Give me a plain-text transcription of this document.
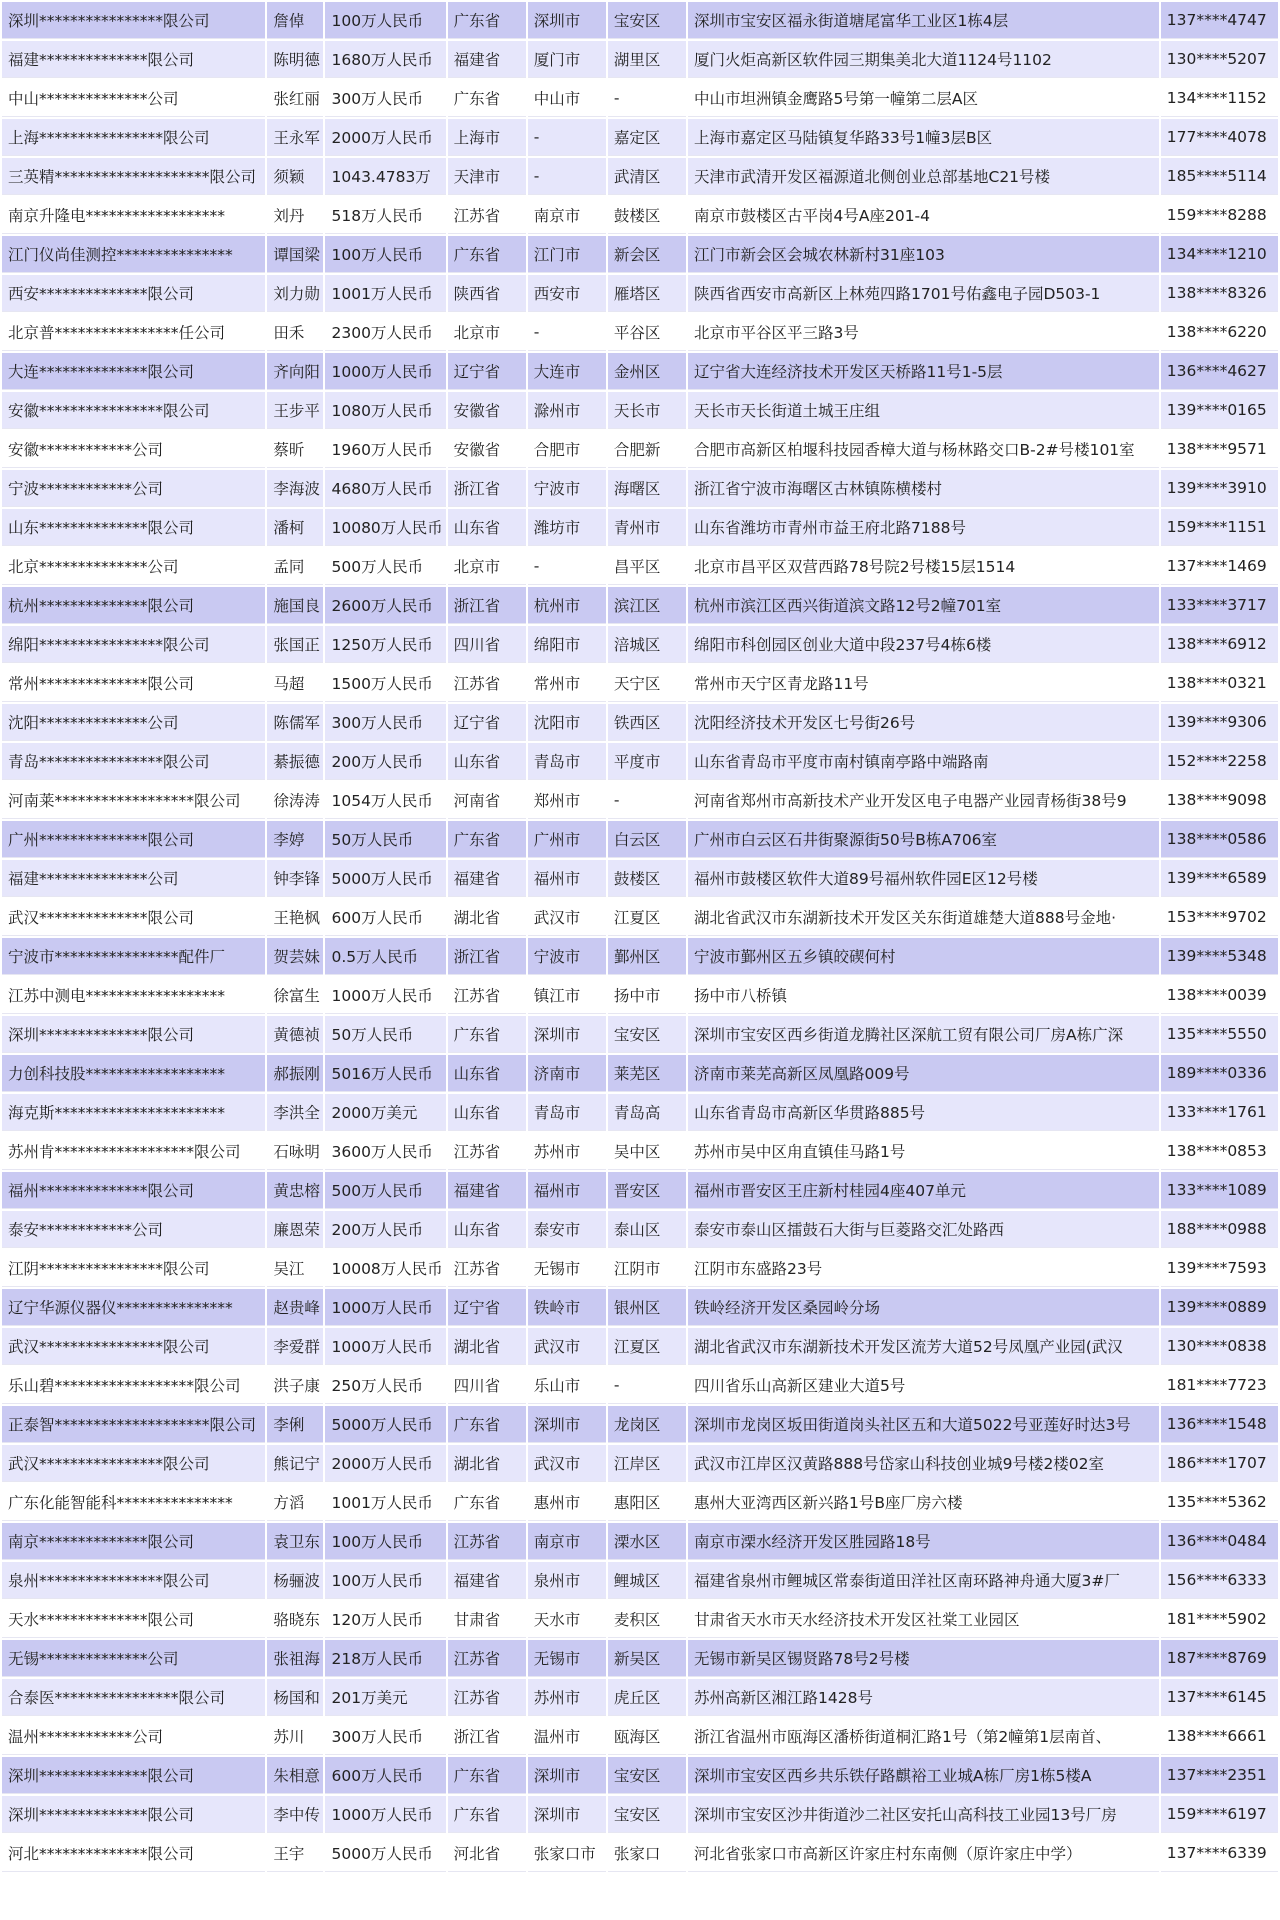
深圳****************限公司	詹倬	100万人民币	广东省	深圳市	宝安区	深圳市宝安区福永街道塘尾富华工业区1栋4层	137****4747
福建**************限公司	陈明德	1680万人民币	福建省	厦门市	湖里区	厦门火炬高新区软件园三期集美北大道1124号1102	130****5207
中山**************公司	张红丽	300万人民币	广东省	中山市	-	中山市坦洲镇金鹰路5号第一幢第二层A区	134****1152
上海****************限公司	王永军	2000万人民币	上海市	-	嘉定区	上海市嘉定区马陆镇复华路33号1幢3层B区	177****4078
三英精********************限公司	须颖	1043.4783万	天津市	-	武清区	天津市武清开发区福源道北侧创业总部基地C21号楼	185****5114
南京升隆电******************	刘丹	518万人民币	江苏省	南京市	鼓楼区	南京市鼓楼区古平岗4号A座201-4	159****8288
江门仪尚佳测控***************	谭国梁	100万人民币	广东省	江门市	新会区	江门市新会区会城农林新村31座103	134****1210
西安**************限公司	刘力勋	1001万人民币	陕西省	西安市	雁塔区	陕西省西安市高新区上林苑四路1701号佑鑫电子园D503-1	138****8326
北京普****************任公司	田禾	2300万人民币	北京市	-	平谷区	北京市平谷区平三路3号	138****6220
大连**************限公司	齐向阳	1000万人民币	辽宁省	大连市	金州区	辽宁省大连经济技术开发区天桥路11号1-5层	136****4627
安徽****************限公司	王步平	1080万人民币	安徽省	滁州市	天长市	天长市天长街道土城王庄组	139****0165
安徽************公司	蔡昕	1960万人民币	安徽省	合肥市	合肥新	合肥市高新区柏堰科技园香樟大道与杨林路交口B-2#号楼101室	138****9571
宁波************公司	李海波	4680万人民币	浙江省	宁波市	海曙区	浙江省宁波市海曙区古林镇陈横楼村	139****3910
山东**************限公司	潘柯	10080万人民币	山东省	潍坊市	青州市	山东省潍坊市青州市益王府北路7188号	159****1151
北京**************公司	孟同	500万人民币	北京市	-	昌平区	北京市昌平区双营西路78号院2号楼15层1514	137****1469
杭州**************限公司	施国良	2600万人民币	浙江省	杭州市	滨江区	杭州市滨江区西兴街道滨文路12号2幢701室	133****3717
绵阳****************限公司	张国正	1250万人民币	四川省	绵阳市	涪城区	绵阳市科创园区创业大道中段237号4栋6楼	138****6912
常州**************限公司	马超	1500万人民币	江苏省	常州市	天宁区	常州市天宁区青龙路11号	138****0321
沈阳**************公司	陈儒军	300万人民币	辽宁省	沈阳市	铁西区	沈阳经济技术开发区七号街26号	139****9306
青岛****************限公司	綦振德	200万人民币	山东省	青岛市	平度市	山东省青岛市平度市南村镇南亭路中端路南	152****2258
河南莱******************限公司	徐涛涛	1054万人民币	河南省	郑州市	-	河南省郑州市高新技术产业开发区电子电器产业园青杨街38号9	138****9098
广州**************限公司	李婷	50万人民币	广东省	广州市	白云区	广州市白云区石井街聚源街50号B栋A706室	138****0586
福建**************公司	钟李锋	5000万人民币	福建省	福州市	鼓楼区	福州市鼓楼区软件大道89号福州软件园E区12号楼	139****6589
武汉**************限公司	王艳枫	600万人民币	湖北省	武汉市	江夏区	湖北省武汉市东湖新技术开发区关东街道雄楚大道888号金地·	153****9702
宁波市****************配件厂	贺芸妹	0.5万人民币	浙江省	宁波市	鄞州区	宁波市鄞州区五乡镇皎碶何村	139****5348
江苏中测电******************	徐富生	1000万人民币	江苏省	镇江市	扬中市	扬中市八桥镇	138****0039
深圳**************限公司	黄德祯	50万人民币	广东省	深圳市	宝安区	深圳市宝安区西乡街道龙腾社区深航工贸有限公司厂房A栋广深	135****5550
力创科技股******************	郝振刚	5016万人民币	山东省	济南市	莱芜区	济南市莱芜高新区凤凰路009号	189****0336
海克斯**********************	李洪全	2000万美元	山东省	青岛市	青岛高	山东省青岛市高新区华贯路885号	133****1761
苏州肯******************限公司	石咏明	3600万人民币	江苏省	苏州市	吴中区	苏州市吴中区甪直镇佳马路1号	138****0853
福州**************限公司	黄忠榕	500万人民币	福建省	福州市	晋安区	福州市晋安区王庄新村桂园4座407单元	133****1089
泰安************公司	廉恩荣	200万人民币	山东省	泰安市	泰山区	泰安市泰山区擂鼓石大街与巨菱路交汇处路西	188****0988
江阴****************限公司	吴江	10008万人民币	江苏省	无锡市	江阴市	江阴市东盛路23号	139****7593
辽宁华源仪器仪***************	赵贵峰	1000万人民币	辽宁省	铁岭市	银州区	铁岭经济开发区桑园岭分场	139****0889
武汉****************限公司	李爱群	1000万人民币	湖北省	武汉市	江夏区	湖北省武汉市东湖新技术开发区流芳大道52号凤凰产业园(武汉	130****0838
乐山碧******************限公司	洪子康	250万人民币	四川省	乐山市	-	四川省乐山高新区建业大道5号	181****7723
正泰智********************限公司	李俐	5000万人民币	广东省	深圳市	龙岗区	深圳市龙岗区坂田街道岗头社区五和大道5022号亚莲好时达3号	136****1548
武汉****************限公司	熊记宁	2000万人民币	湖北省	武汉市	江岸区	武汉市江岸区汉黄路888号岱家山科技创业城9号楼2楼02室	186****1707
广东化能智能科***************	方滔	1001万人民币	广东省	惠州市	惠阳区	惠州大亚湾西区新兴路1号B座厂房六楼	135****5362
南京**************限公司	袁卫东	100万人民币	江苏省	南京市	溧水区	南京市溧水经济开发区胜园路18号	136****0484
泉州****************限公司	杨骊波	100万人民币	福建省	泉州市	鲤城区	福建省泉州市鲤城区常泰街道田洋社区南环路神舟通大厦3#厂	156****6333
天水**************限公司	骆晓东	120万人民币	甘肃省	天水市	麦积区	甘肃省天水市天水经济技术开发区社棠工业园区	181****5902
无锡**************公司	张祖海	218万人民币	江苏省	无锡市	新吴区	无锡市新吴区锡贤路78号2号楼	187****8769
合泰医****************限公司	杨国和	201万美元	江苏省	苏州市	虎丘区	苏州高新区湘江路1428号	137****6145
温州************公司	苏川	300万人民币	浙江省	温州市	瓯海区	浙江省温州市瓯海区潘桥街道桐汇路1号（第2幢第1层南首、	138****6661
深圳**************限公司	朱相意	600万人民币	广东省	深圳市	宝安区	深圳市宝安区西乡共乐铁仔路麒裕工业城A栋厂房1栋5楼A	137****2351
深圳**************限公司	李中传	1000万人民币	广东省	深圳市	宝安区	深圳市宝安区沙井街道沙二社区安托山高科技工业园13号厂房	159****6197
河北**************限公司	王宇	5000万人民币	河北省	张家口市	张家口	河北省张家口市高新区许家庄村东南侧（原许家庄中学）	137****6339
